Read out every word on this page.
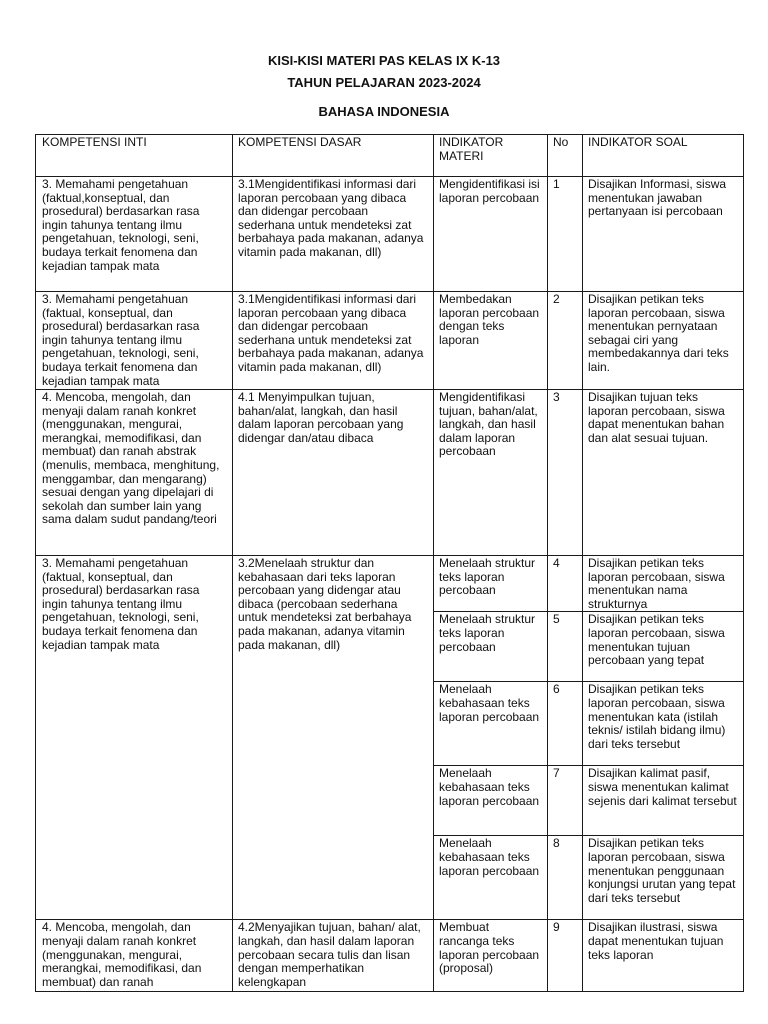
KISI-KISI MATERI PAS KELAS IX K-13
TAHUN PELAJARAN 2023-2024
BAHASA INDONESIA
KOMPETENSI INTI	KOMPETENSI DASAR	INDIKATOR MATERI	No	INDIKATOR SOAL
3. Memahami pengetahuan (faktual,konseptual, dan prosedural) berdasarkan rasa ingin tahunya tentang ilmu pengetahuan, teknologi, seni, budaya terkait fenomena dan kejadian tampak mata	3.1Mengidentifikasi informasi dari laporan percobaan yang dibaca dan didengar percobaan sederhana untuk mendeteksi zat berbahaya pada makanan, adanya vitamin pada makanan, dll)	Mengidentifikasi isi laporan percobaan	1	Disajikan Informasi, siswa menentukan jawaban pertanyaan isi percobaan
3. Memahami pengetahuan (faktual, konseptual, dan prosedural) berdasarkan rasa ingin tahunya tentang ilmu pengetahuan, teknologi, seni, budaya terkait fenomena dan kejadian tampak mata	3.1Mengidentifikasi informasi dari laporan percobaan yang dibaca dan didengar percobaan sederhana untuk mendeteksi zat berbahaya pada makanan, adanya vitamin pada makanan, dll)	Membedakan laporan percobaan dengan teks laporan	2	Disajikan petikan teks laporan percobaan, siswa menentukan pernyataan sebagai ciri yang membedakannya dari teks lain.
4. Mencoba, mengolah, dan menyaji dalam ranah konkret (menggunakan, mengurai, merangkai, memodifikasi, dan membuat) dan ranah abstrak (menulis, membaca, menghitung, menggambar, dan mengarang) sesuai dengan yang dipelajari di sekolah dan sumber lain yang sama dalam sudut pandang/teori	4.1 Menyimpulkan tujuan, bahan/alat, langkah, dan hasil dalam laporan percobaan yang didengar dan/atau dibaca	Mengidentifikasi tujuan, bahan/alat, langkah, dan hasil dalam laporan percobaan	3	Disajikan tujuan teks laporan percobaan, siswa dapat menentukan bahan dan alat sesuai tujuan.
3. Memahami pengetahuan (faktual, konseptual, dan prosedural) berdasarkan rasa ingin tahunya tentang ilmu pengetahuan, teknologi, seni, budaya terkait fenomena dan kejadian tampak mata	3.2Menelaah struktur dan kebahasaan dari teks laporan percobaan yang didengar atau dibaca (percobaan sederhana untuk mendeteksi zat berbahaya pada makanan, adanya vitamin pada makanan, dll)	Menelaah struktur teks laporan percobaan	4	Disajikan petikan teks laporan percobaan, siswa menentukan nama strukturnya
		Menelaah struktur teks laporan percobaan	5	Disajikan petikan teks laporan percobaan, siswa menentukan tujuan percobaan yang tepat
		Menelaah kebahasaan teks laporan percobaan	6	Disajikan petikan teks laporan percobaan, siswa menentukan kata (istilah teknis/ istilah bidang ilmu) dari teks tersebut
		Menelaah kebahasaan teks laporan percobaan	7	Disajikan kalimat pasif, siswa menentukan kalimat sejenis dari kalimat tersebut
		Menelaah kebahasaan teks laporan percobaan	8	Disajikan petikan teks laporan percobaan, siswa menentukan penggunaan konjungsi urutan yang tepat dari teks tersebut
4. Mencoba, mengolah, dan menyaji dalam ranah konkret (menggunakan, mengurai, merangkai, memodifikasi, dan membuat) dan ranah	4.2Menyajikan tujuan, bahan/ alat, langkah, dan hasil dalam laporan percobaan secara tulis dan lisan dengan memperhatikan kelengkapan	Membuat rancanga teks laporan percobaan (proposal)	9	Disajikan ilustrasi, siswa dapat menentukan tujuan teks laporan
